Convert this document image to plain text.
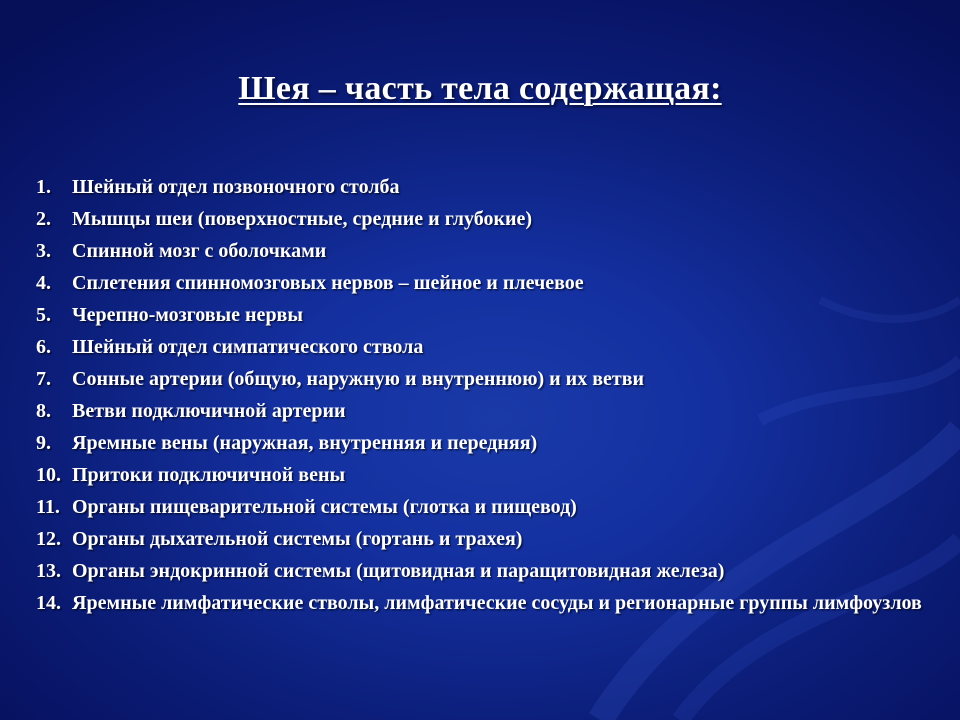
Шея – часть тела содержащая:
1.	Шейный отдел позвоночного столба
2.	Мышцы шеи (поверхностные, средние и глубокие)
3.	Спинной мозг с оболочками
4.	Сплетения спинномозговых нервов – шейное и плечевое
5.	Черепно-мозговые нервы
6.	Шейный отдел симпатического ствола
7.	Сонные артерии (общую, наружную и внутреннюю) и их ветви
8.	Ветви подключичной артерии
9.	Яремные вены (наружная, внутренняя и передняя)
10. Притоки подключичной вены
11. Органы пищеварительной системы (глотка и пищевод)
12. Органы дыхательной системы (гортань и трахея)
13. Органы эндокринной системы (щитовидная и паращитовидная железа)
14. Яремные лимфатические стволы, лимфатические сосуды и регионарные группы лимфоузлов
